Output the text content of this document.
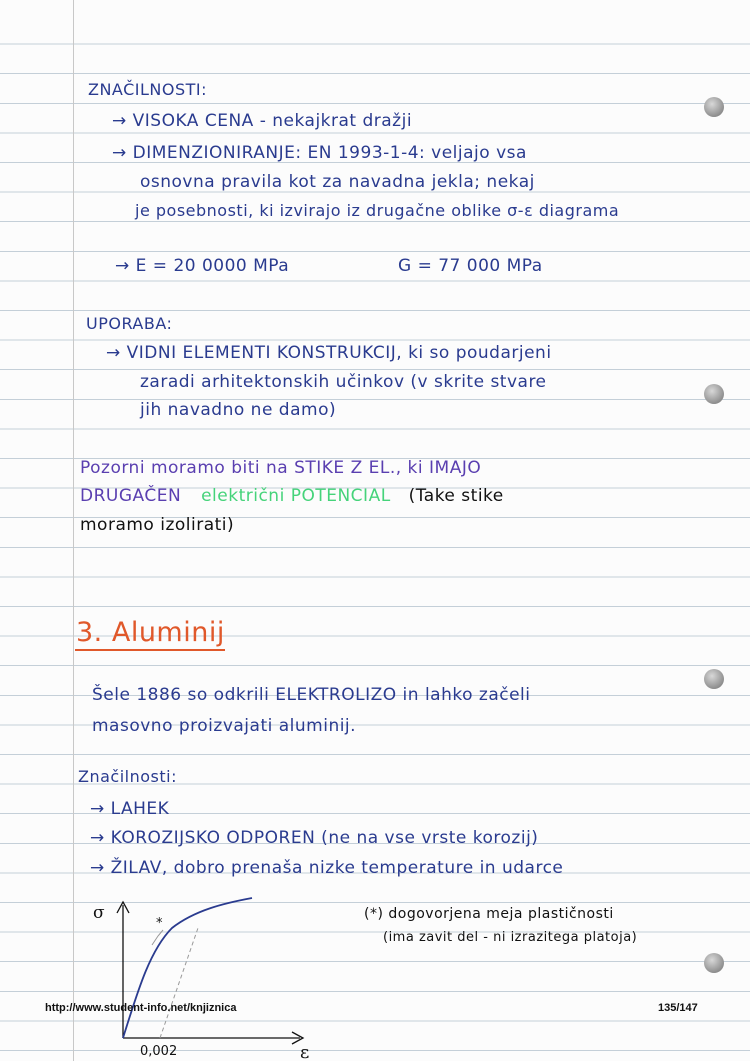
ZNAČILNOSTI:
→ VISOKA CENA - nekajkrat dražji
→ DIMENZIONIRANJE: EN 1993-1-4: veljajo vsa
osnovna pravila kot za navadna jekla; nekaj
je posebnosti, ki izvirajo iz drugačne oblike σ-ε diagrama
→ E = 20 0000 MPa	G = 77 000 MPa
UPORABA:
→ VIDNI ELEMENTI KONSTRUKCIJ, ki so poudarjeni
zaradi arhitektonskih učinkov (v skrite stvare
jih navadno ne damo)
Pozorni moramo biti na STIKE Z EL., ki IMAJO
DRUGAČEN električni POTENCIAL (Take stike
moramo izolirati)
3. Aluminij
Šele 1886 so odkrili ELEKTROLIZO in lahko začeli
masovno proizvajati aluminij.
Značilnosti:
→ LAHEK
→ KOROZIJSKO ODPOREN (ne na vse vrste korozij)
→ ŽILAV, dobro prenaša nizke temperature in udarce
σ
ε
0,002
*
(*) dogovorjena meja plastičnosti
(ima zavit del - ni izrazitega platoja)
http://www.student-info.net/knjiznica	135/147
